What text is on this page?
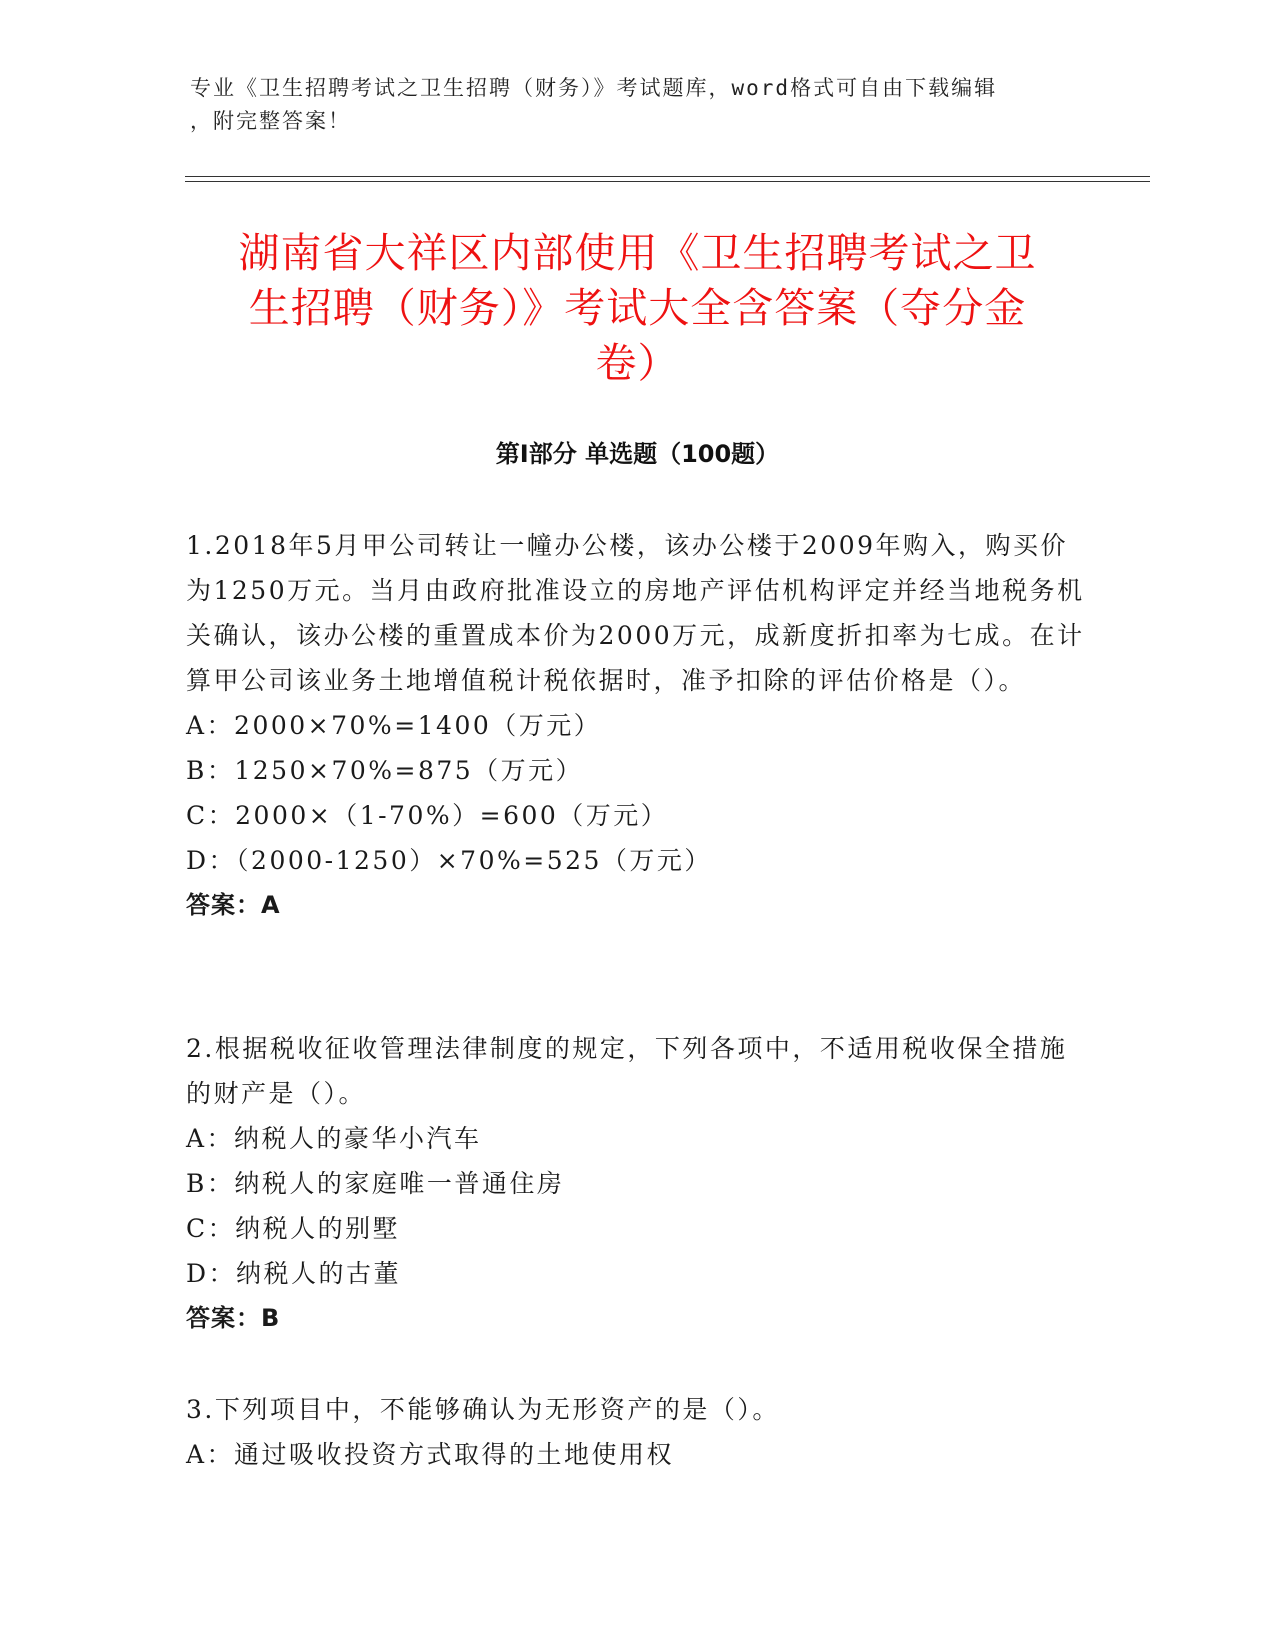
专业《卫生招聘考试之卫生招聘（财务）》考试题库，word格式可自由下载编辑
，附完整答案！
湖南省大祥区内部使用《卫生招聘考试之卫
生招聘（财务）》考试大全含答案（夺分金
卷）
第Ⅰ部分 单选题（100题）
1.2018年5月甲公司转让一幢办公楼，该办公楼于2009年购入，购买价为1250万元。当月由政府批准设立的房地产评估机构评定并经当地税务机关确认，该办公楼的重置成本价为2000万元，成新度折扣率为七成。在计算甲公司该业务土地增值税计税依据时，准予扣除的评估价格是（）。
A：2000×70%=1400（万元）
B：1250×70%=875（万元）
C：2000×（1-70%）=600（万元）
D：（2000-1250）×70%=525（万元）
答案：A
2.根据税收征收管理法律制度的规定，下列各项中，不适用税收保全措施的财产是（）。
A：纳税人的豪华小汽车
B：纳税人的家庭唯一普通住房
C：纳税人的别墅
D：纳税人的古董
答案：B
3.下列项目中，不能够确认为无形资产的是（）。
A：通过吸收投资方式取得的土地使用权
